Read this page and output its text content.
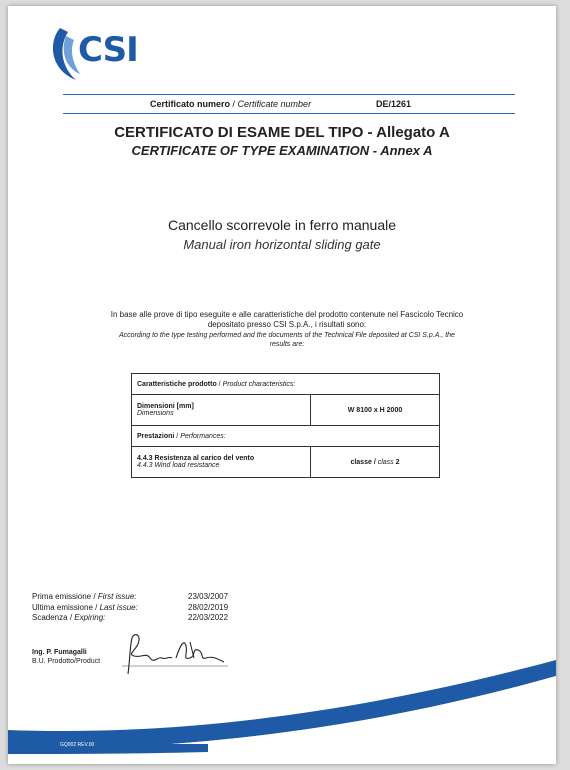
CSI
Certificato numero / Certificate number	DE/1261
CERTIFICATO DI ESAME DEL TIPO - Allegato A
CERTIFICATE OF TYPE EXAMINATION - Annex A
Cancello scorrevole in ferro manuale
Manual iron horizontal sliding gate
In base alle prove di tipo eseguite e alle caratteristiche del prodotto contenute nel Fascicolo Tecnico
depositato presso CSI S.p.A., i risultati sono:
According to the type testing performed and the documents of the Technical File deposited at CSI S.p.A., the
results are:
Caratteristiche prodotto / Product characteristics:	

Dimensioni [mm]
Dimensions	W 8100 x H 2000
Prestazioni / Performances:	

4.4.3 Resistenza al carico del vento
4.4.3 Wind load resistance	classe / class 2
Prima emissione / First issue:	23/03/2007
Ultima emissione / Last issue:	28/02/2019
Scadenza / Expiring:	22/03/2022
Ing. P. Fumagalli
B.U. Prodotto/Product
GQ002 REV.00
